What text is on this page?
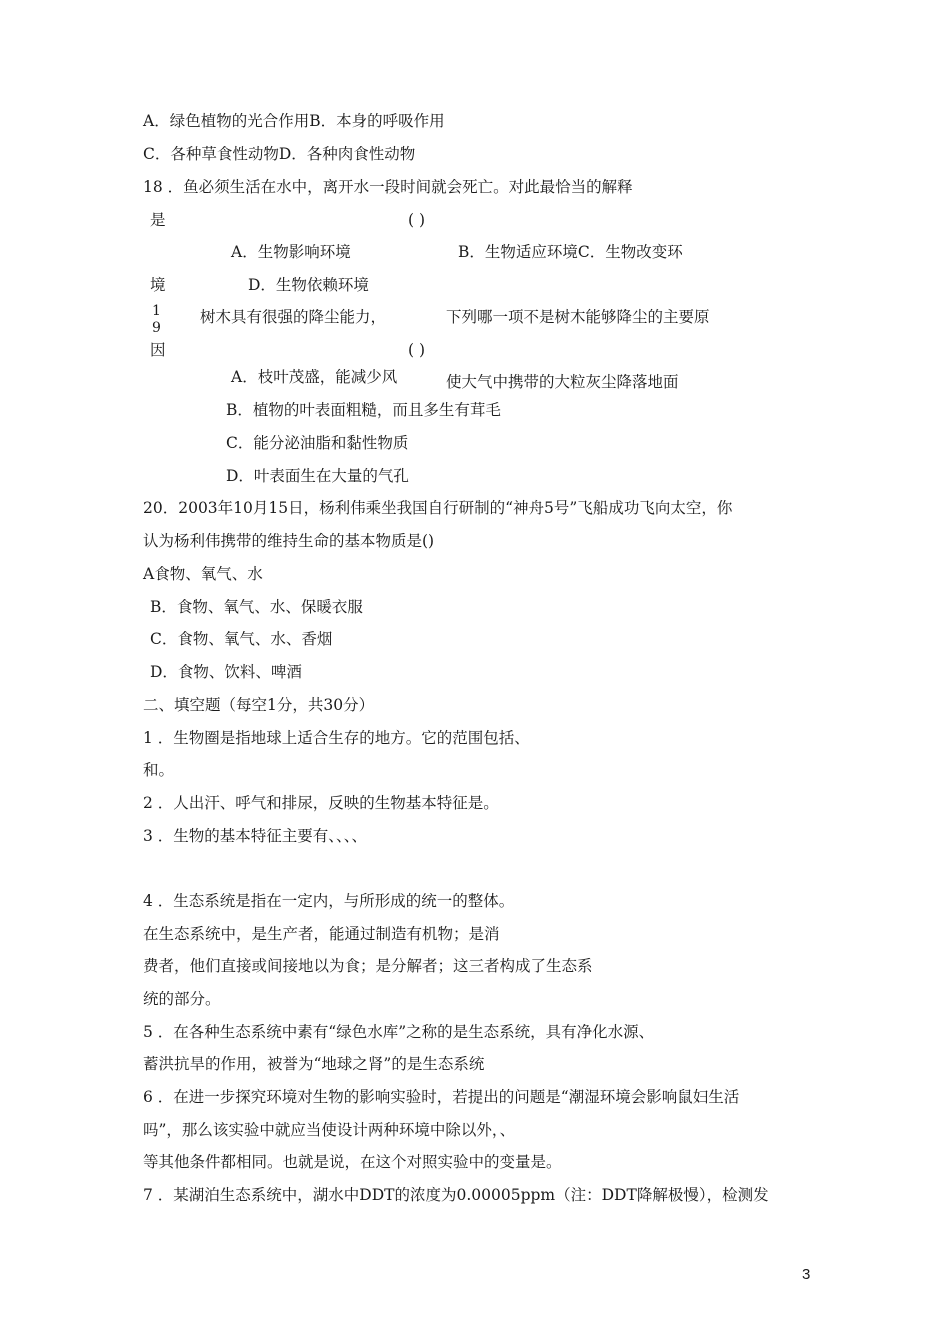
A．绿色植物的光合作用B．本身的呼吸作用
C．各种草食性动物D．各种肉食性动物
18 ．鱼必须生活在水中，离开水一段时间就会死亡。对此最恰当的解释
是	( )
A．生物影响环境	B．生物适应环境C．生物改变环
境	D．生物依赖环境
1	树木具有很强的降尘能力，	下列哪一项不是树木能够降尘的主要原
9
因	( )
A．枝叶茂盛，能减少风	使大气中携带的大粒灰尘降落地面
B．植物的叶表面粗糙，而且多生有茸毛
C．能分泌油脂和黏性物质
D．叶表面生在大量的气孔
20．2003年10月15日，杨利伟乘坐我国自行研制的“神舟5号”飞船成功飞向太空，你
认为杨利伟携带的维持生命的基本物质是()
A食物、氧气、水
B．食物、氧气、水、保暖衣服
C．食物、氧气、水、香烟
D．食物、饮料、啤酒
二、填空题（每空1分，共30分）
1 ．生物圈是指地球上适合生存的地方。它的范围包括、
和。
2 ．人出汗、呼气和排尿，反映的生物基本特征是。
3 ．生物的基本特征主要有、、、、
4 ．生态系统是指在一定内，与所形成的统一的整体。
在生态系统中，是生产者，能通过制造有机物；是消
费者，他们直接或间接地以为食；是分解者；这三者构成了生态系
统的部分。
5 ．在各种生态系统中素有“绿色水库”之称的是生态系统，具有净化水源、
蓄洪抗旱的作用，被誉为“地球之肾”的是生态系统
6 ．在进一步探究环境对生物的影响实验时，若提出的问题是“潮湿环境会影响鼠妇生活
吗”，那么该实验中就应当使设计两种环境中除以外，、
等其他条件都相同。也就是说，在这个对照实验中的变量是。
7 ．某湖泊生态系统中，湖水中DDT的浓度为0.00005ppm（注：DDT降解极慢），检测发
3
